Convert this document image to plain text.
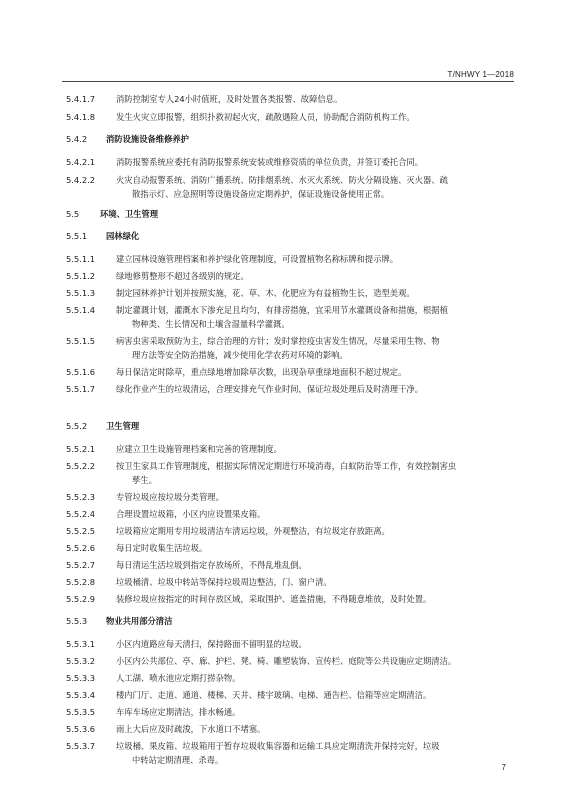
T/NHWY 1—2018
5.4.1.7	消防控制室专人24小时值班，及时处置各类报警、故障信息。
5.4.1.8	发生火灾立即报警，组织扑救初起火灾，疏散遇险人员，协助配合消防机构工作。
5.4.2 消防设施设备维修养护
5.4.2.1	消防报警系统应委托有消防报警系统安装或维修资质的单位负责，并签订委托合同。
5.4.2.2	火灾自动报警系统、消防广播系统、防排烟系统、水灭火系统、防火分隔设施、灭火器、疏
散指示灯、应急照明等设施设备应定期养护，保证设施设备使用正常。
5.5	环境、卫生管理
5.5.1 园林绿化
5.5.1.1	建立园林设施管理档案和养护绿化管理制度，可设置植物名称标牌和提示牌。
5.5.1.2	绿地修剪整形不超过各级别的规定。
5.5.1.3	制定园林养护计划并按照实施，花、草、木、化肥应为有益植物生长，造型美观。
5.5.1.4	制定灌溉计划，灌溉水下渗充足且均匀，有排涝措施，宜采用节水灌溉设备和措施，根据植
物种类、生长情况和土壤含湿量科学灌溉。
5.5.1.5	病害虫害采取预防为主，综合治理的方针；发时掌控疫虫害发生情况，尽量采用生物、物
理方法等安全防治措施，减少使用化学农药对环境的影响。
5.5.1.6	每日保洁定时除草，重点绿地增加除草次数，出现杂草重绿地面积不超过规定。
5.5.1.7	绿化作业产生的垃圾清运，合理安排充气作业时间，保证垃圾处理后及时清理干净。
5.5.2 卫生管理
5.5.2.1	应建立卫生设施管理档案和完善的管理制度。
5.5.2.2	按卫生家具工作管理制度，根据实际情况定期进行环境消毒，白蚁防治等工作，有效控制害虫
孳生。
5.5.2.3	专管垃圾应按垃圾分类管理。
5.5.2.4	合理设置垃圾箱，小区内应设置果皮箱。
5.5.2.5	垃圾箱应定期用专用垃圾清洁车清运垃圾，外观整洁，有垃圾定存放距离。
5.5.2.6	每日定时收集生活垃圾。
5.5.2.7	每日清运生活垃圾到指定存放场所，不得乱堆乱倒。
5.5.2.8	垃圾桶清、垃圾中转站等保持垃圾周边整洁，门、窗户清。
5.5.2.9	装修垃圾应按指定的时间存放区域，采取围护、遮盖措施，不得随意堆放，及时处置。
5.5.3 物业共用部分清洁
5.5.3.1	小区内道路应每天清扫，保持路面不留明显的垃圾。
5.5.3.2	小区内公共部位、亭、廊、护栏、凳、椅、雕塑装饰、宣传栏、庭院等公共设施应定期清洁。
5.5.3.3	人工湖、喷水池应定期打捞杂物。
5.5.3.4	楼内门厅、走道、通道、楼梯、天井、楼宇玻璃、电梯、通告栏、信箱等应定期清洁。
5.5.3.5	车库车场应定期清洁，排水畅通。
5.5.3.6	雨上大后应及时疏浚，下水道口不堵塞。
5.5.3.7	垃圾桶、果皮箱、垃圾箱用于暂存垃圾收集容器和运输工具应定期清洗并保持完好，垃圾
中转站定期清理、杀毒。
7
